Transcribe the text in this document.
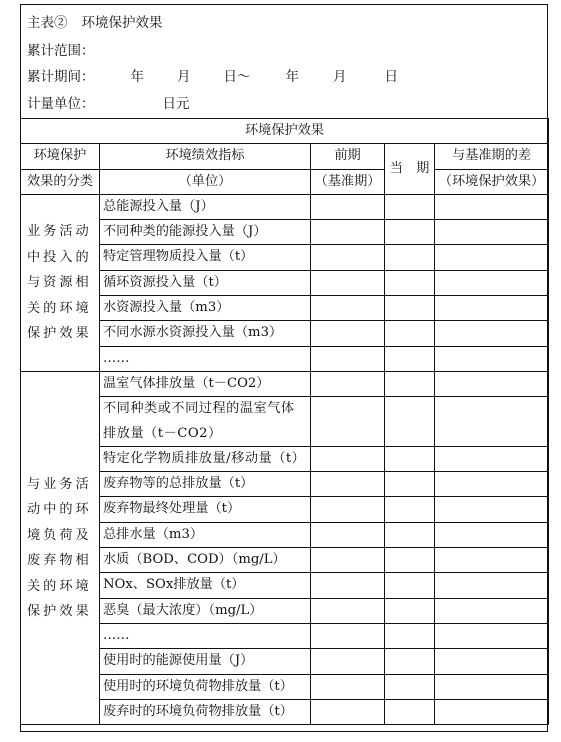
主表② 环境保护效果
累计范围：
累计期间：	年 月 日～	年	月	日
计量单位：	日元
环境保护效果				
环境保护	环境绩效指标	前期	当　期	与基准期的差
效果的分类	（单位）	（基准期）		（环境保护效果）
业务活动中投入的与资源相关的环境保护效果	总能源投入量（J）			
	不同种类的能源投入量（J）			
	特定管理物质投入量（t）			
	循环资源投入量（t）			
	水资源投入量（m3）			
	不同水源水资源投入量（m3）			
	……			
与业务活动中的环境负荷及废弃物相关的环境保护效果	温室气体排放量（t－CO2）			
	不同种类或不同过程的温室气体排放量（t－CO2）			
	特定化学物质排放量/移动量（t）			
	废弃物等的总排放量（t）			
	废弃物最终处理量（t）			
	总排水量（m3）			
	水质（BOD、COD）（mg/L）			
	NOx、SOx排放量（t）			
	恶臭（最大浓度）（mg/L）			
	……			
	使用时的能源使用量（J）			
	使用时的环境负荷物排放量（t）			
	废弃时的环境负荷物排放量（t）			
